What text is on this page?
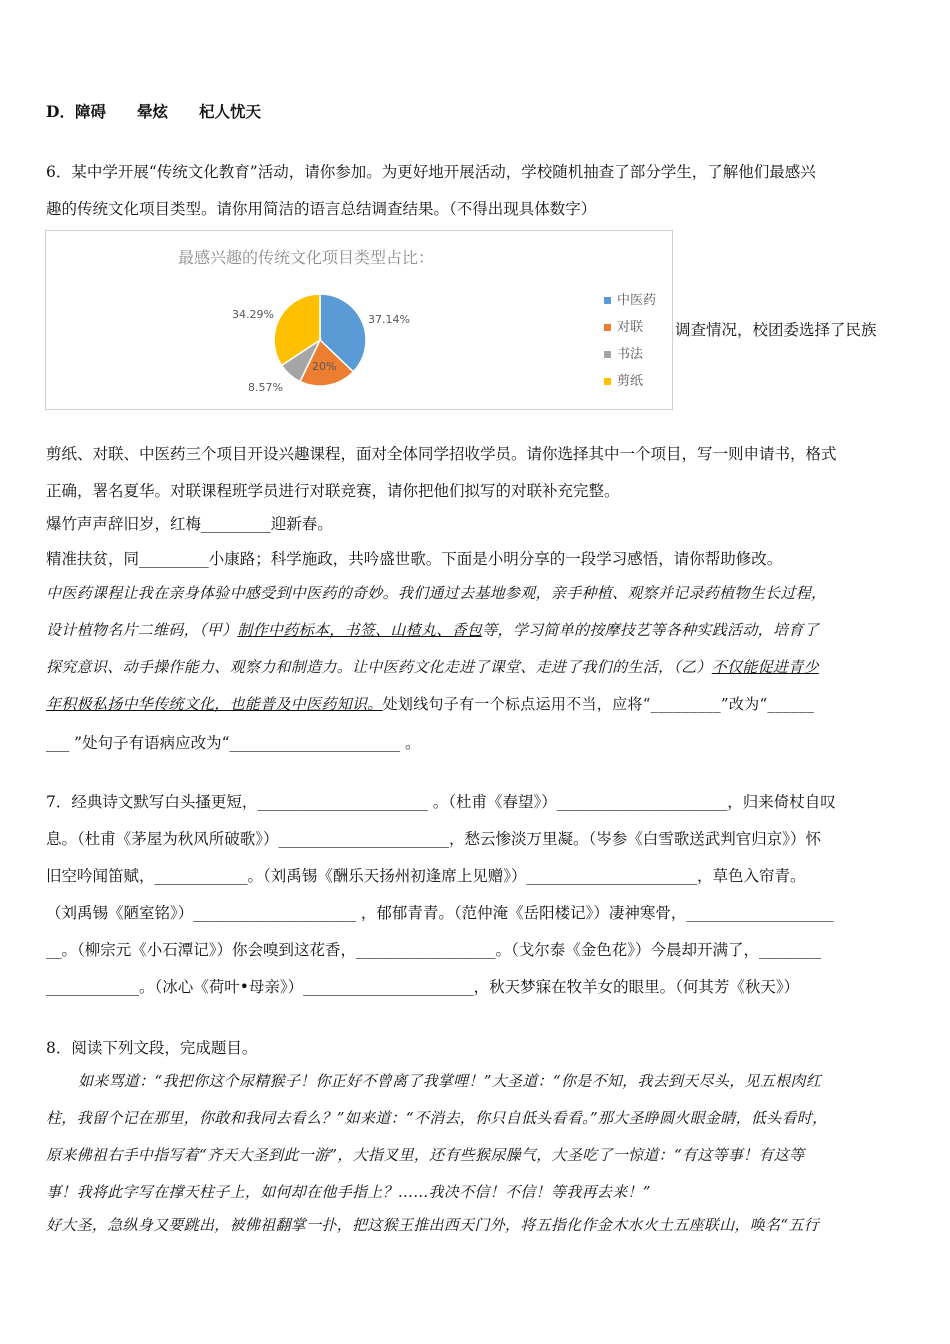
D．障碍　　晕炫　　杞人忧天
6．某中学开展“传统文化教育”活动，请你参加。为更好地开展活动，学校随机抽查了部分学生，了解他们最感兴
趣的传统文化项目类型。请你用简洁的语言总结调查结果。（不得出现具体数字）
最感兴趣的传统文化项目类型占比：
37.14%
20%
8.57%
34.29%
中医药
对联
书法
剪纸
调查情况，校团委选择了民族
剪纸、对联、中医药三个项目开设兴趣课程，面对全体同学招收学员。请你选择其中一个项目，写一则申请书，格式
正确，署名夏华。对联课程班学员进行对联竞赛，请你把他们拟写的对联补充完整。
爆竹声声辞旧岁，红梅_________迎新春。
精准扶贫，同_________小康路；科学施政，共吟盛世歌。下面是小明分享的一段学习感悟，请你帮助修改。
中医药课程让我在亲身体验中感受到中医药的奇妙。我们通过去基地参观，亲手种植、观察并记录药植物生长过程，
设计植物名片二维码，（甲）制作中药标本，书签、山楂丸、香包等，学习简单的按摩技艺等各种实践活动，培育了
探究意识、动手操作能力、观察力和制造力。让中医药文化走进了课堂、走进了我们的生活，（乙）不仅能促进青少
年积极私扬中华传统文化，也能普及中医药知识。处划线句子有一个标点运用不当，应将“_________”改为“______
___ ”处句子有语病应改为“______________________ 。
7．经典诗文默写白头搔更短，______________________ 。（杜甫《春望》）______________________，归来倚杖自叹
息。（杜甫《茅屋为秋风所破歌》）______________________，愁云惨淡万里凝。（岑参《白雪歌送武判官归京》）怀
旧空吟闻笛赋，____________。（刘禹锡《酬乐天扬州初逢席上见赠》）______________________，草色入帘青。
（刘禹锡《陋室铭》）_____________________ ，郁郁青青。（范仲淹《岳阳楼记》）凄神寒骨，___________________
__。（柳宗元《小石潭记》）你会嗅到这花香，__________________。（戈尔泰《金色花》）今晨却开满了，________
____________。（冰心《荷叶•母亲》）______________________，秋天梦寐在牧羊女的眼里。（何其芳《秋天》）
8．阅读下列文段，完成题目。
如来骂道：“我把你这个尿精猴子！你正好不曾离了我掌哩！”大圣道：“你是不知，我去到天尽头，见五根肉红
柱，我留个记在那里，你敢和我同去看么？”如来道：“不消去，你只自低头看看。”那大圣睁圆火眼金睛，低头看时，
原来佛祖右手中指写着“齐天大圣到此一游”，大指叉里，还有些猴尿臊气，大圣吃了一惊道：“有这等事！有这等
事！我将此字写在撑天柱子上，如何却在他手指上？……我决不信！不信！等我再去来！”
好大圣，急纵身又要跳出，被佛祖翻掌一扑，把这猴王推出西天门外，将五指化作金木水火土五座联山，唤名“五行
